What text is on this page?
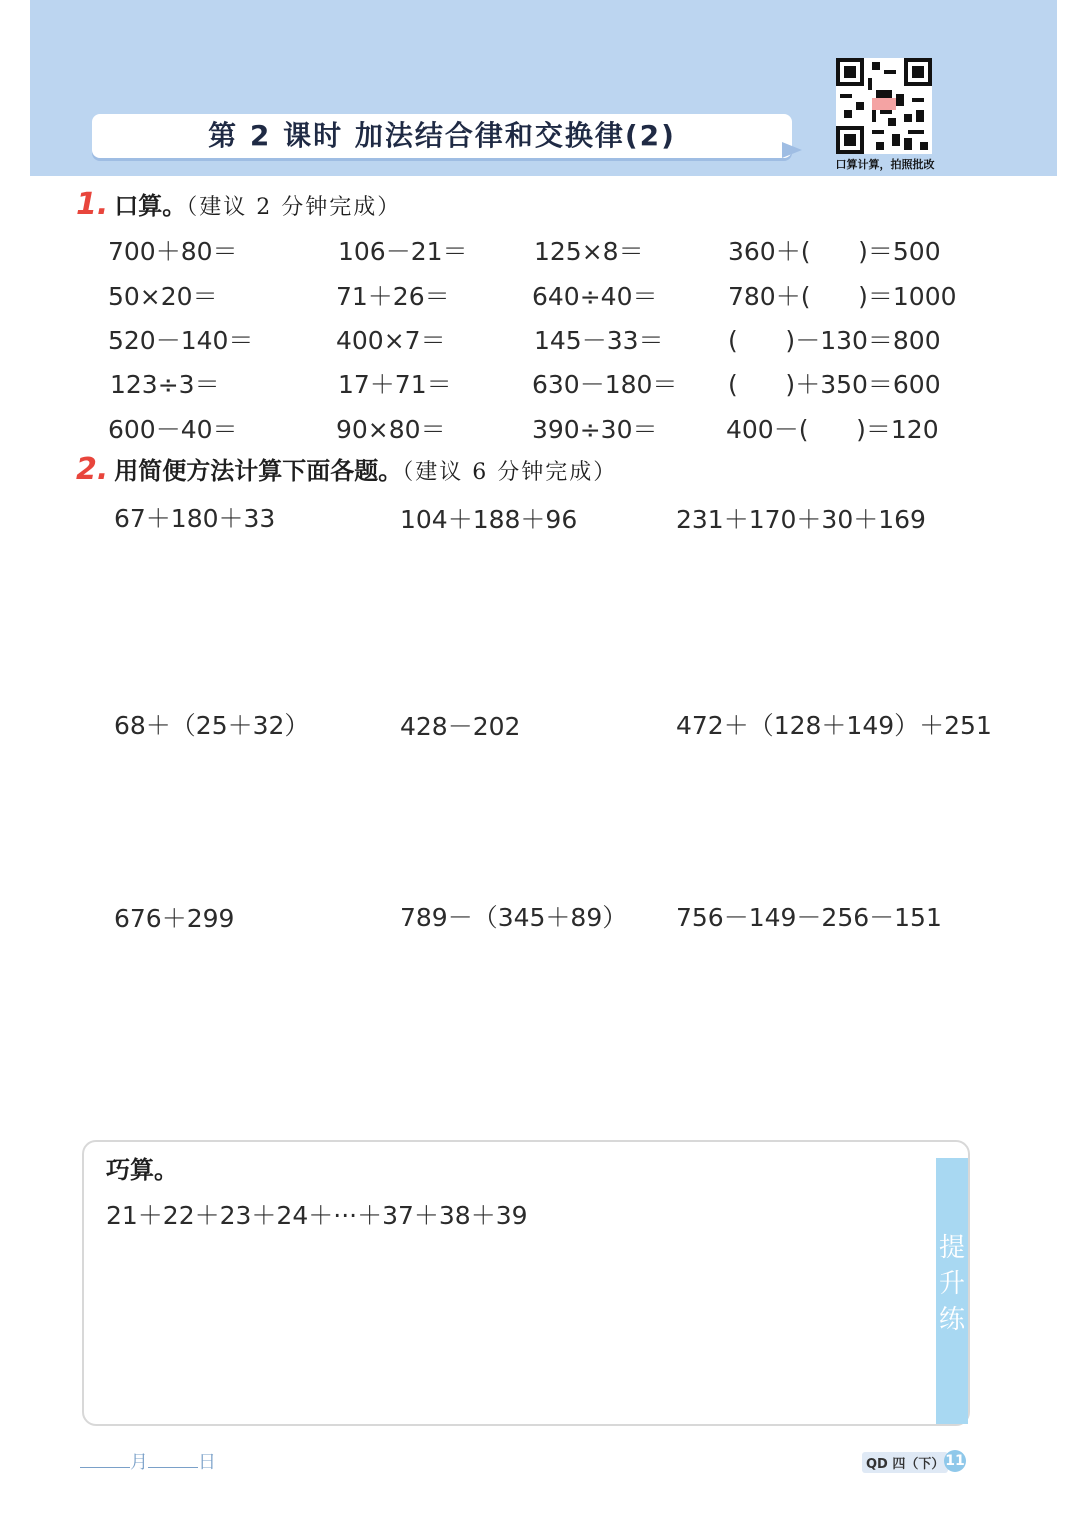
第 2 课时 加法结合律和交换律(2)
口算计算，拍照批改
1. 口算。（建议 2 分钟完成）
700＋80＝	106－21＝	125×8＝	360＋(      )＝500
50×20＝	71＋26＝	640÷40＝	780＋(      )＝1000
520－140＝	400×7＝	145－33＝	(      )－130＝800
123÷3＝	17＋71＝	630－180＝ (      )＋350＝600
600－40＝	90×80＝	390÷30＝	400－(      )＝120
2. 用简便方法计算下面各题。（建议 6 分钟完成）
67＋180＋33	104＋188＋96	231＋170＋30＋169
68＋（25＋32）	428－202	472＋（128＋149）＋251
676＋299	789－（345＋89） 756－149－256－151
提升练
巧算。
21＋22＋23＋24＋···＋37＋38＋39
月	日	QD 四（下） 11
